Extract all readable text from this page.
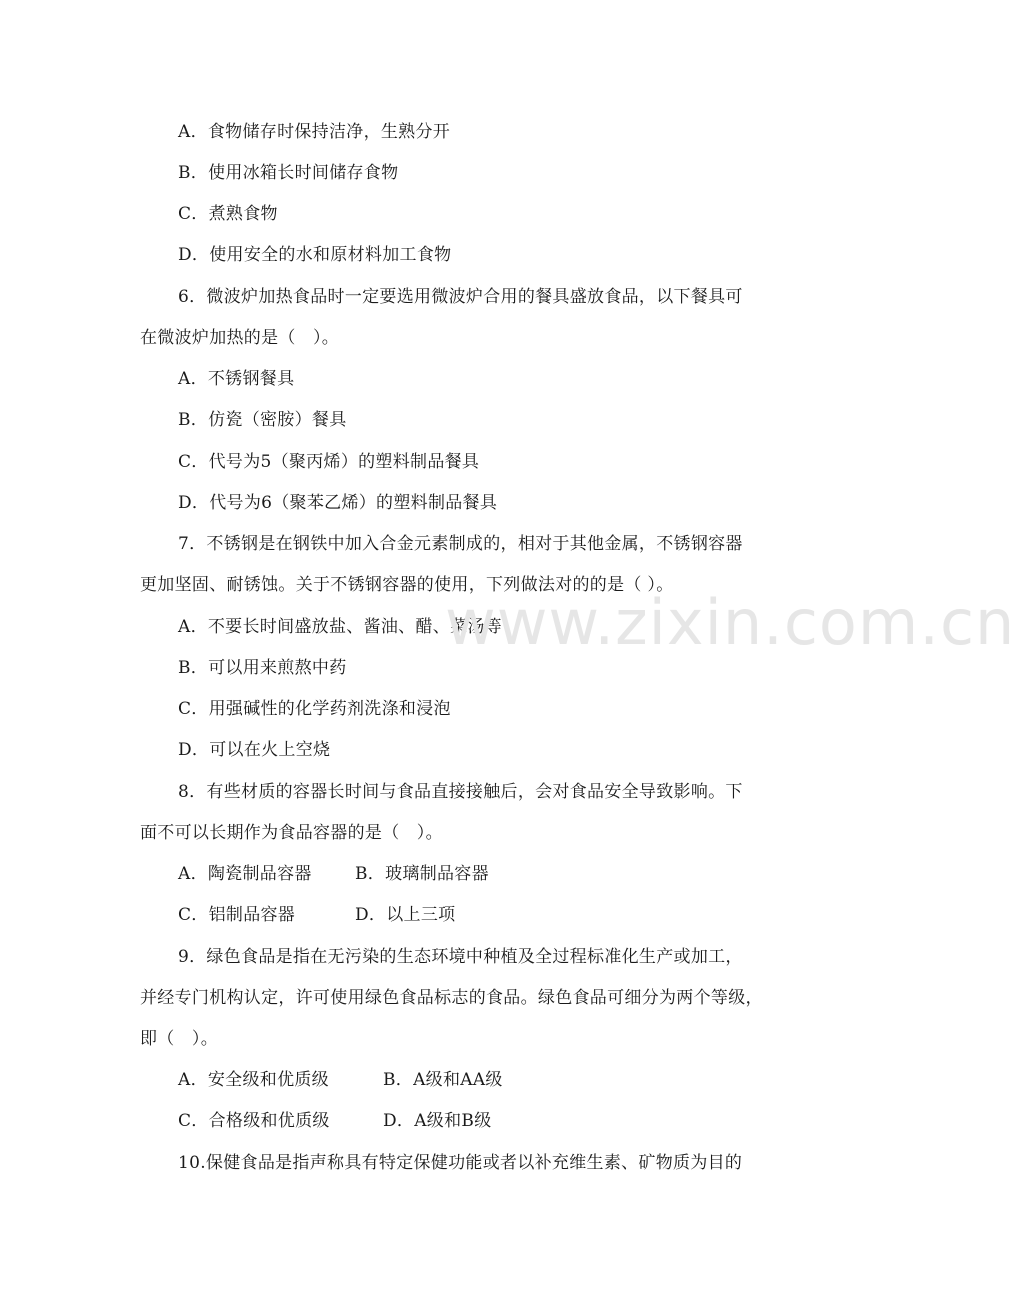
A．食物储存时保持洁净，生熟分开
B．使用冰箱长时间储存食物
C．煮熟食物
D．使用安全的水和原材料加工食物
6．微波炉加热食品时一定要选用微波炉合用的餐具盛放食品，以下餐具可
在微波炉加热的是（　）。
A．不锈钢餐具
B．仿瓷（密胺）餐具
C．代号为5（聚丙烯）的塑料制品餐具
D．代号为6（聚苯乙烯）的塑料制品餐具
7．不锈钢是在钢铁中加入合金元素制成的，相对于其他金属，不锈钢容器
更加坚固、耐锈蚀。关于不锈钢容器的使用，下列做法对的的是（ ）。
A．不要长时间盛放盐、酱油、醋、菜汤等
B．可以用来煎熬中药
C．用强碱性的化学药剂洗涤和浸泡
D．可以在火上空烧
8．有些材质的容器长时间与食品直接接触后，会对食品安全导致影响。下
面不可以长期作为食品容器的是（　）。
A．陶瓷制品容器	B．玻璃制品容器
C．铝制品容器	D．以上三项
9．绿色食品是指在无污染的生态环境中种植及全过程标准化生产或加工，
并经专门机构认定，许可使用绿色食品标志的食品。绿色食品可细分为两个等级，
即（　）。
A．安全级和优质级	B．A级和AA级
C．合格级和优质级	D．A级和B级
10.保健食品是指声称具有特定保健功能或者以补充维生素、矿物质为目的
www.zixin.com.cn
